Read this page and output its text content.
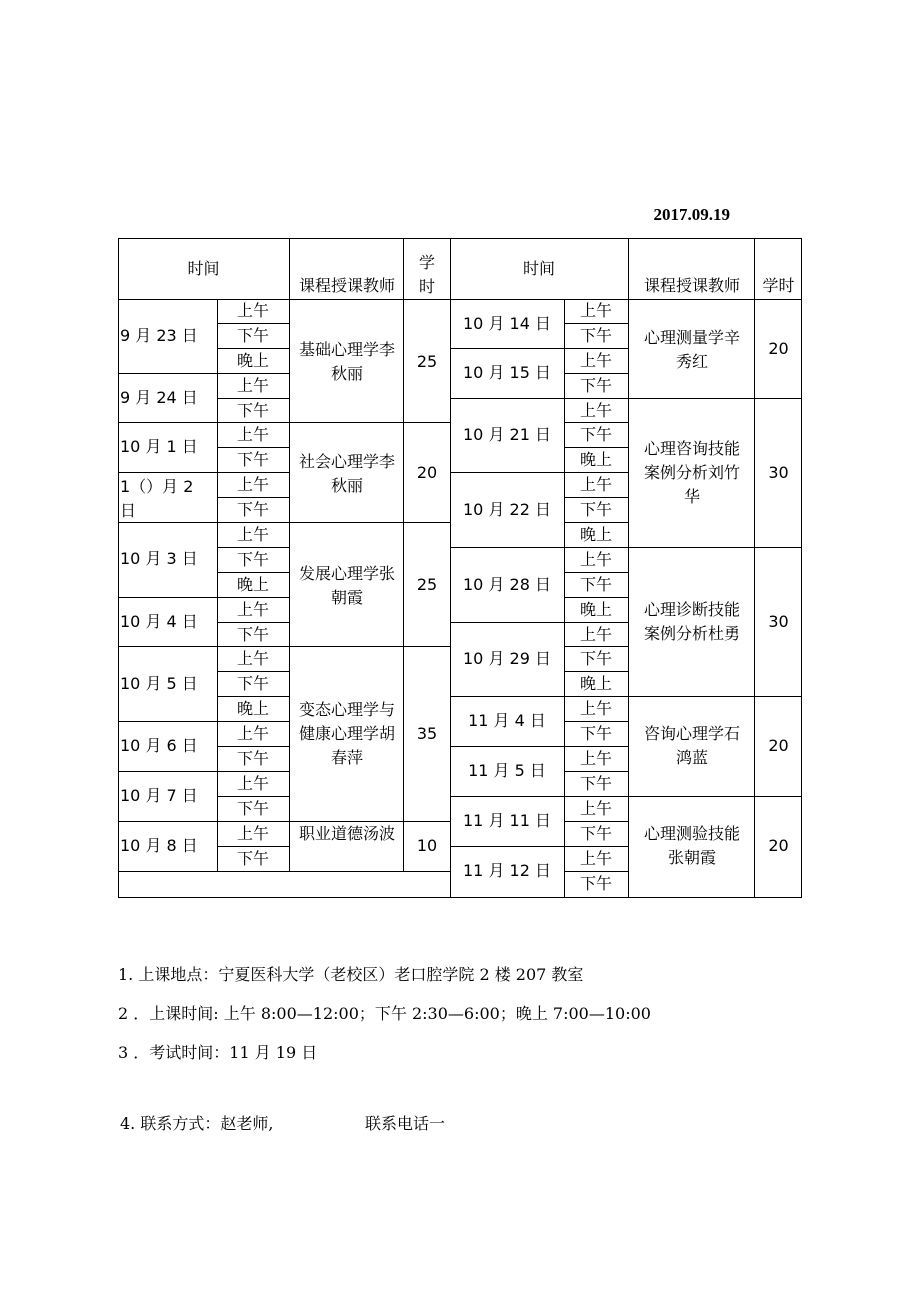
2017.09.19
时间
课程授课教师
学
时
时间
课程授课教师	学时
9 月 23 日
9 月 24 日
10 月 1 日
1（）月 2
日
10 月 3 日
10 月 4 日
10 月 5 日
10 月 6 日
10 月 7 日
10 月 8 日
上午
下午
晚上
上午
下午
上午
下午
上午
下午
上午
下午
晚上
上午
下午
上午
下午
晚上
上午
下午
上午
下午
上午
下午
基础心理学李
秋丽
25
社会心理学李
秋丽
20
发展心理学张
朝霞
25
变态心理学与
健康心理学胡
春萍
35
职业道德汤波
10
10 月 14 日
10 月 15 日
10 月 21 日
10 月 22 日
10 月 28 日
10 月 29 日
11 月 4 日
11 月 5 日
11 月 11 日
11 月 12 日
上午
下午
上午
下午
上午
下午
晚上
上午
下午
晚上
上午
下午
晚上
上午
下午
晚上
上午
下午
上午
下午
上午
下午
上午
下午
心理测量学辛
秀红
20
心理咨询技能
案例分析刘竹
华
30
心理诊断技能
案例分析杜勇
30
咨询心理学石
鸿蓝
20
心理测验技能
张朝霞
20
1. 上课地点：宁夏医科大学（老校区）老口腔学院 2 楼 207 教室
2 ．上课时间: 上午 8:00—12:00；下午 2:30—6:00；晚上 7:00—10:00
3 ．考试时间：11 月 19 日
4. 联系方式：赵老师,	联系电话一
